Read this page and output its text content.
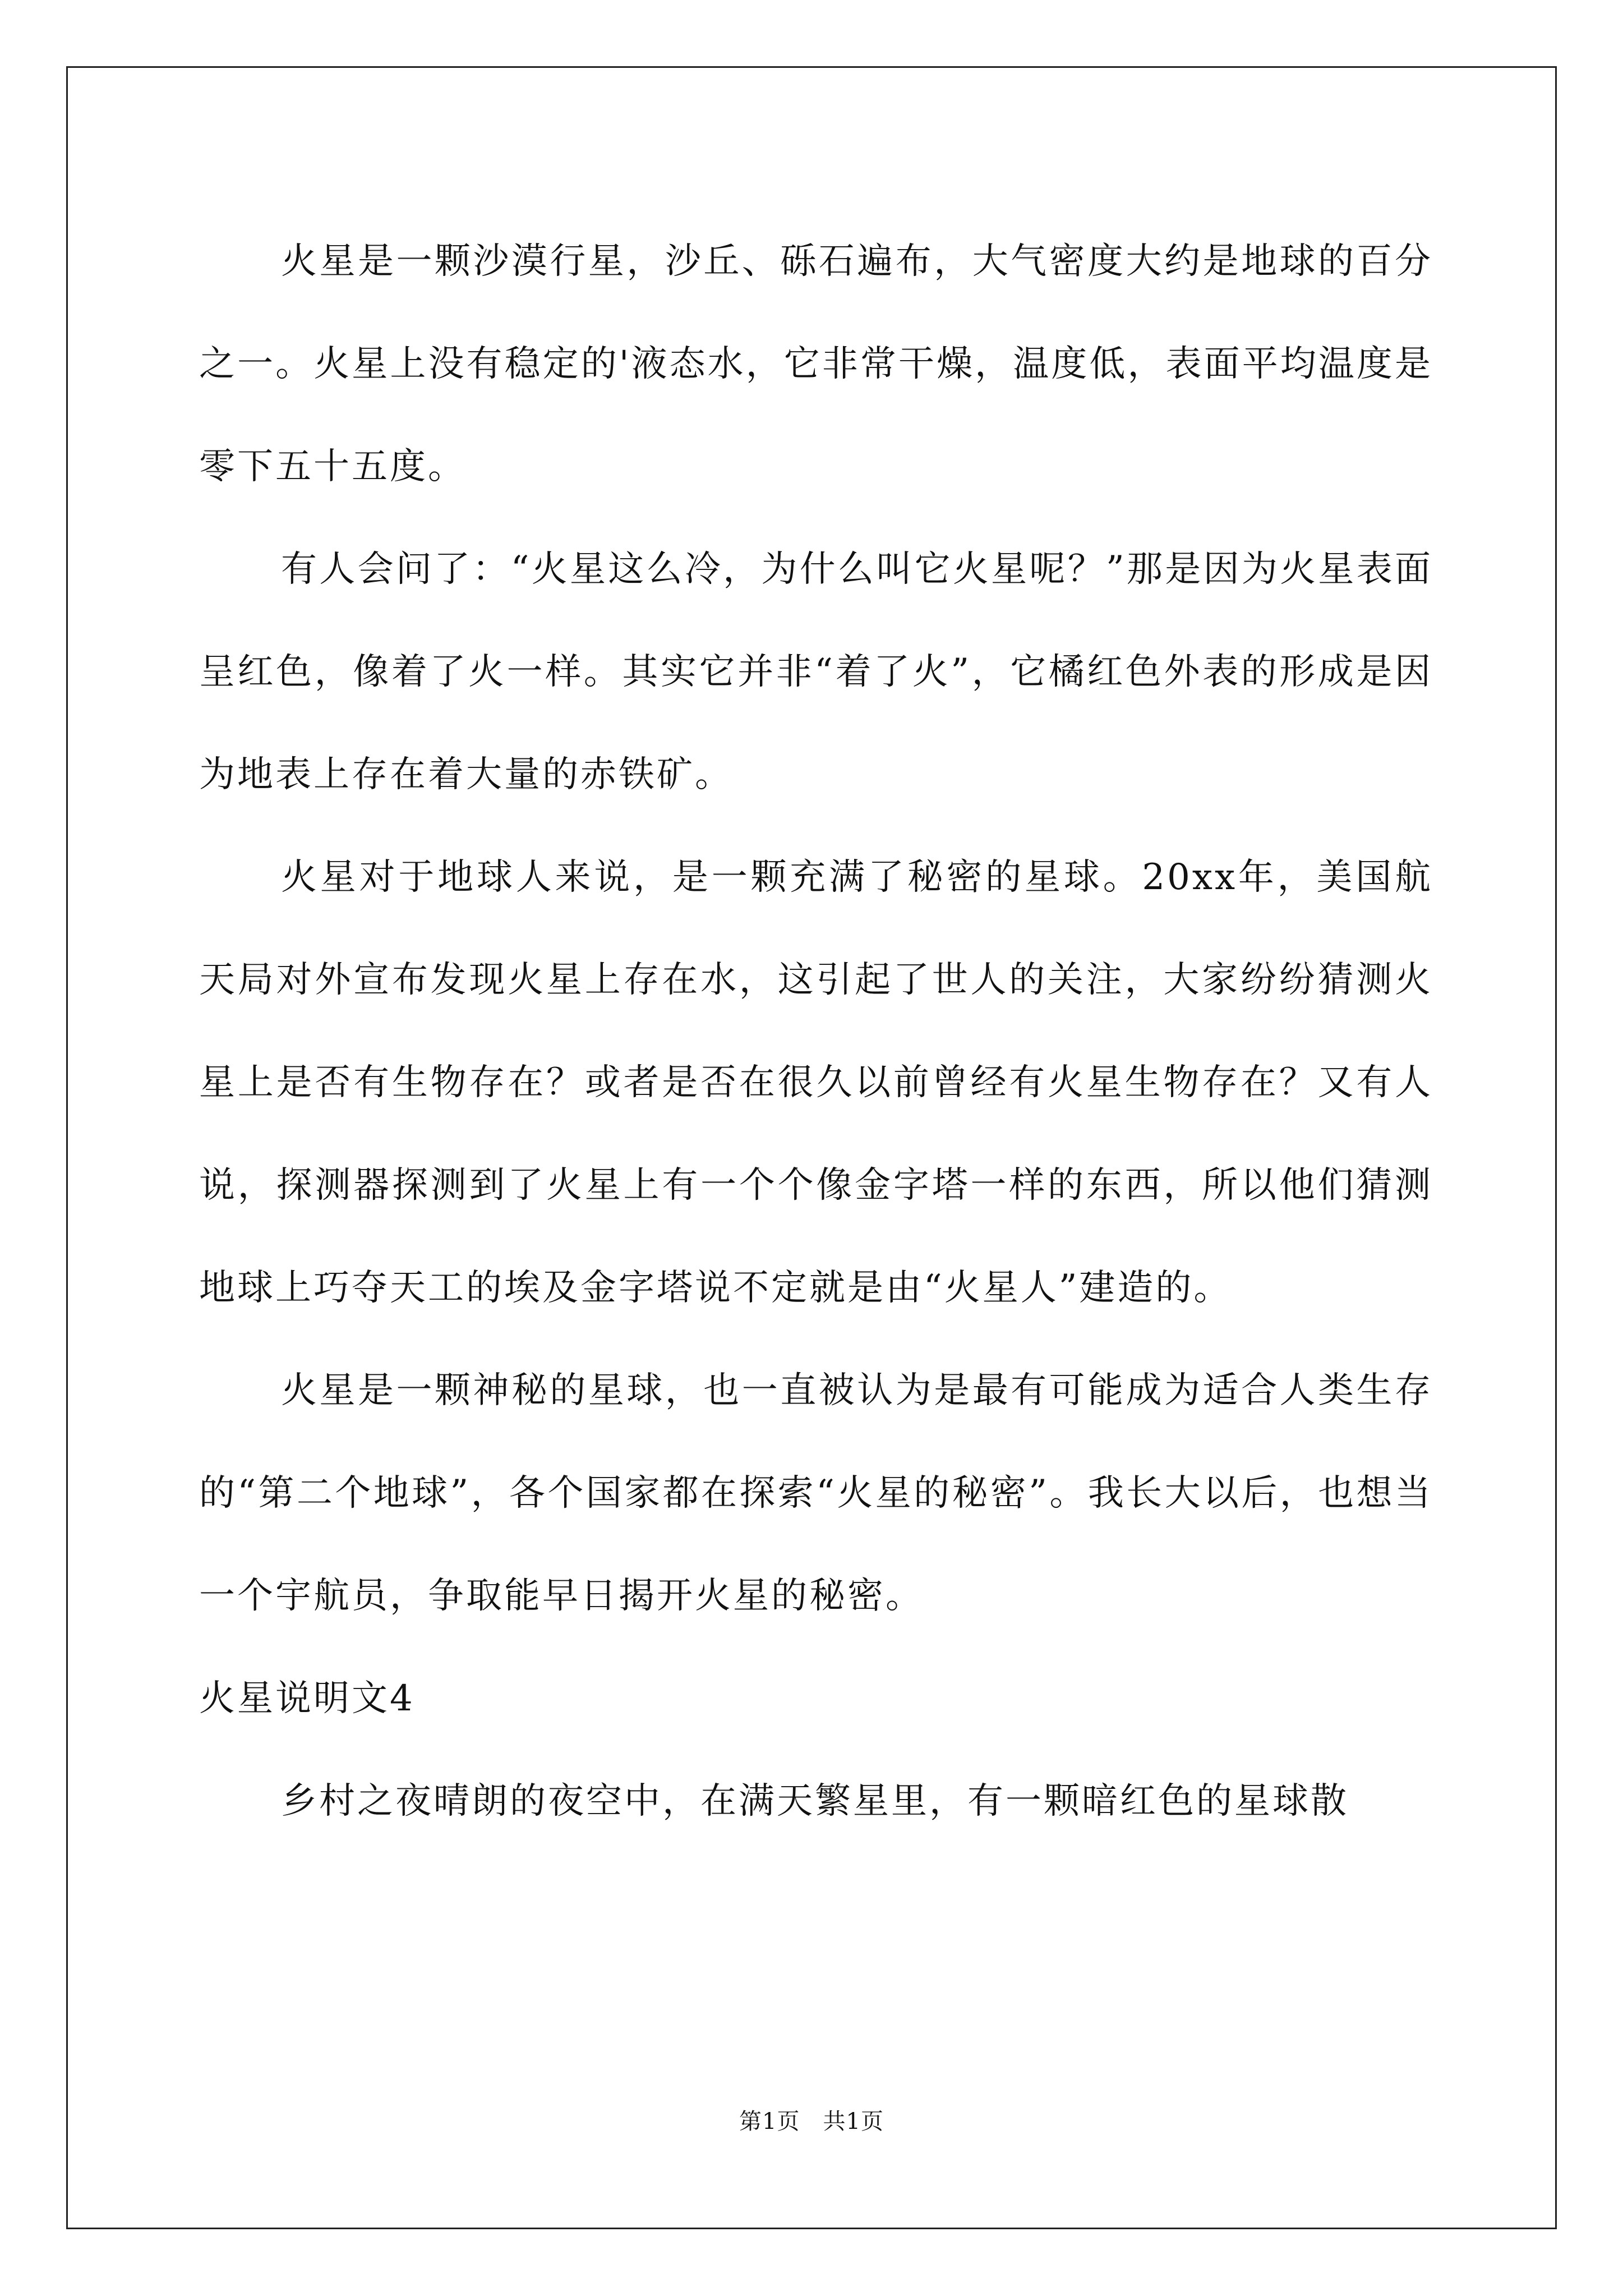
火星是一颗沙漠行星，沙丘、砾石遍布，大气密度大约是地球的百分之一。火星上没有稳定的'液态水，它非常干燥，温度低，表面平均温度是零下五十五度。

有人会问了：“火星这么冷，为什么叫它火星呢？”那是因为火星表面呈红色，像着了火一样。其实它并非“着了火”，它橘红色外表的形成是因为地表上存在着大量的赤铁矿。

火星对于地球人来说，是一颗充满了秘密的星球。20xx年，美国航天局对外宣布发现火星上存在水，这引起了世人的关注，大家纷纷猜测火星上是否有生物存在？或者是否在很久以前曾经有火星生物存在？又有人说，探测器探测到了火星上有一个个像金字塔一样的东西，所以他们猜测地球上巧夺天工的埃及金字塔说不定就是由“火星人”建造的。

火星是一颗神秘的星球，也一直被认为是最有可能成为适合人类生存的“第二个地球”，各个国家都在探索“火星的秘密”。我长大以后，也想当一个宇航员，争取能早日揭开火星的秘密。

火星说明文4

乡村之夜晴朗的夜空中，在满天繁星里，有一颗暗红色的星球散

第1页　共1页
